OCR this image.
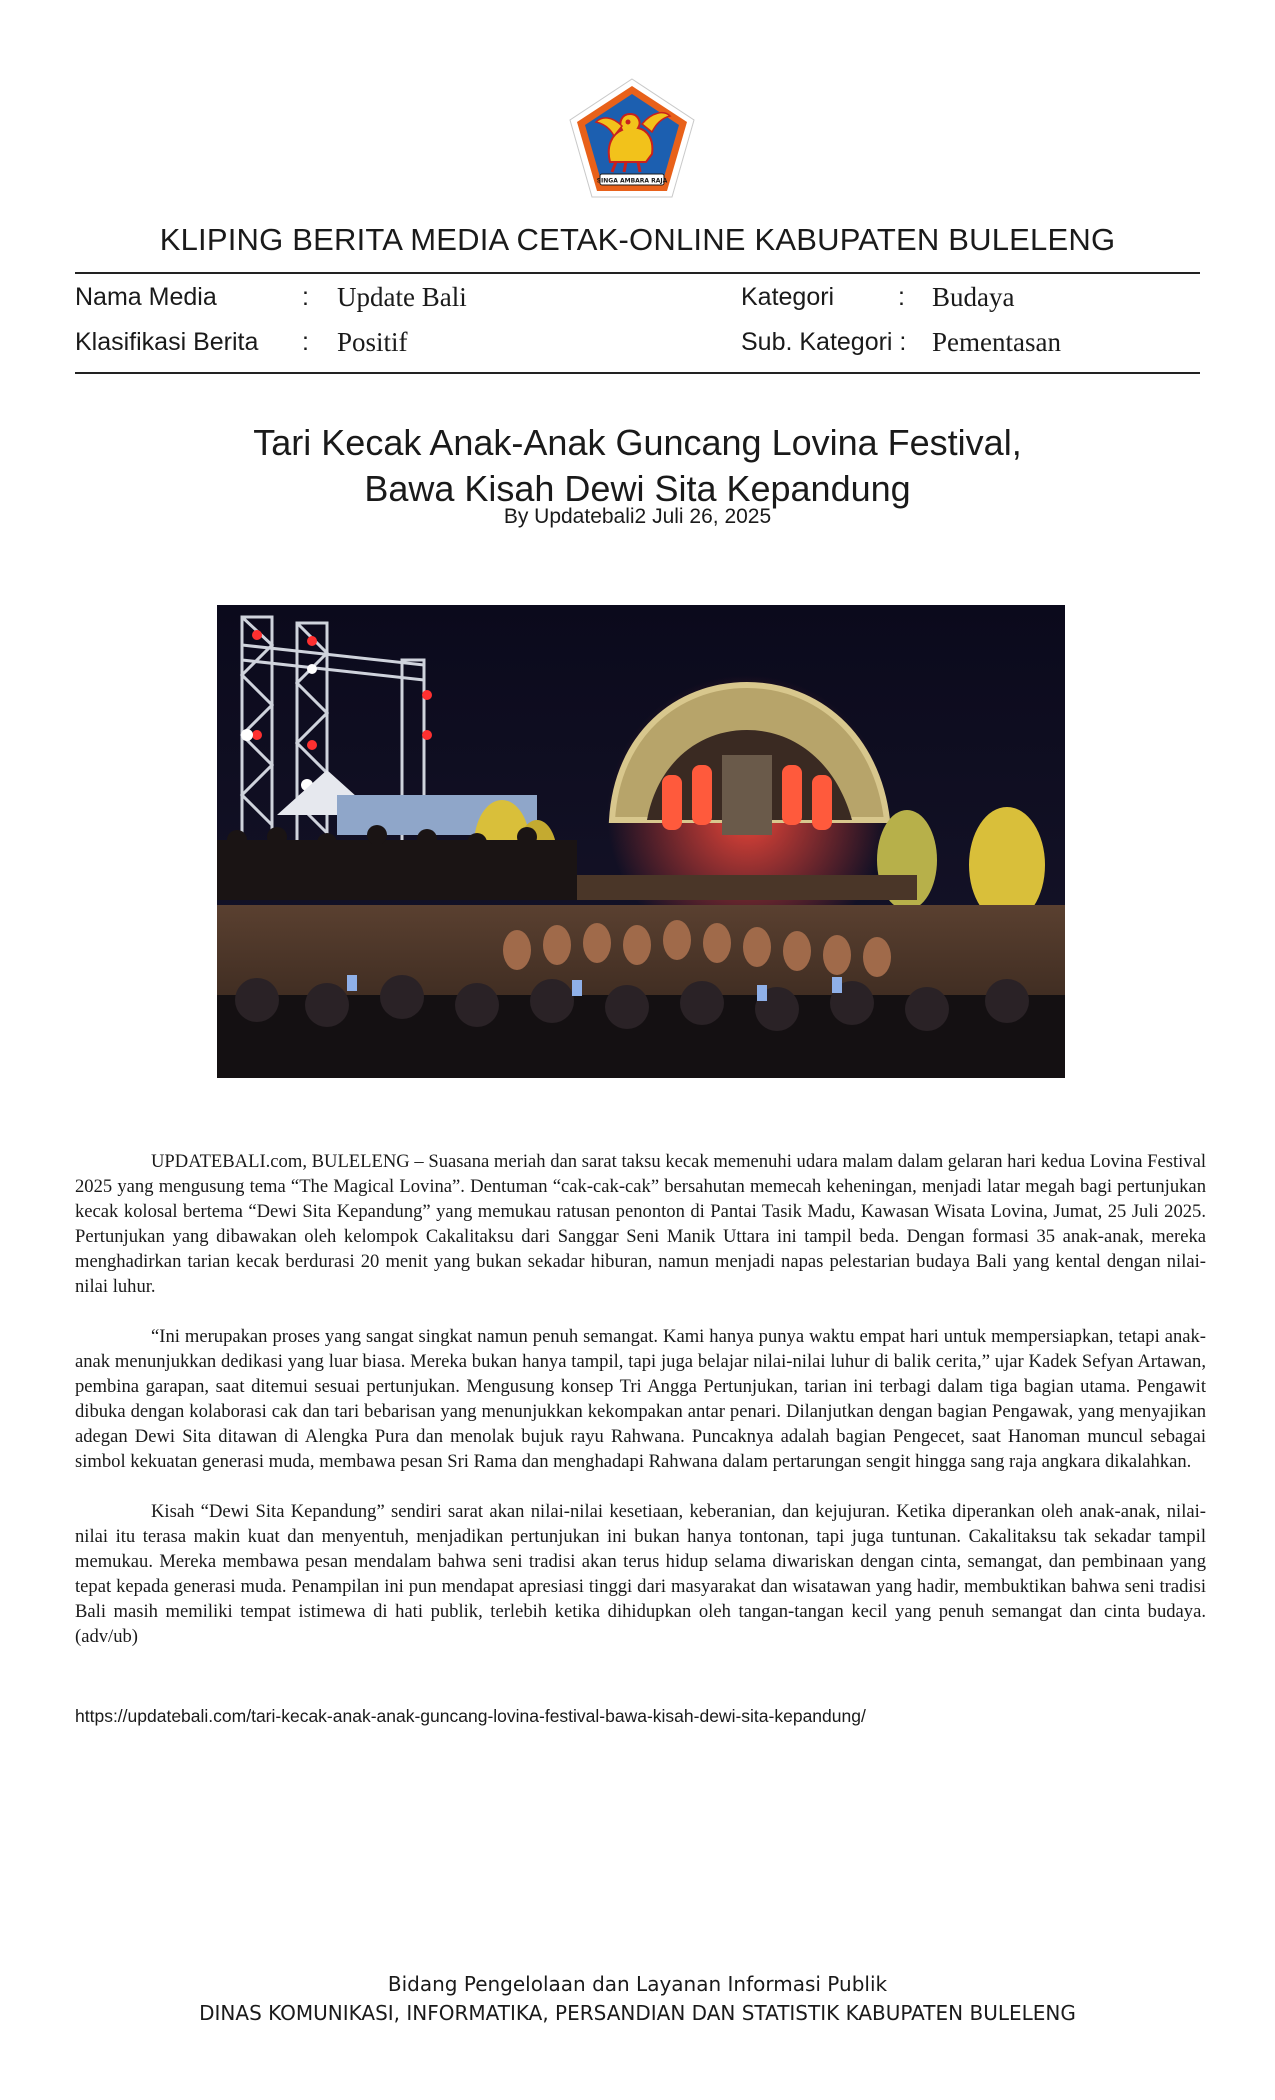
SINGA AMBARA RAJA
KLIPING BERITA MEDIA CETAK-ONLINE KABUPATEN BULELENG
Nama Media	: Update Bali	Kategori	: Budaya
Klasifikasi Berita : Positif	Sub. Kategori : Pementasan
Tari Kecak Anak-Anak Guncang Lovina Festival,
Bawa Kisah Dewi Sita Kepandung
By Updatebali2 Juli 26, 2025

UPDATEBALI.com, BULELENG – Suasana meriah dan sarat taksu kecak memenuhi udara malam dalam gelaran hari kedua Lovina Festival 2025 yang mengusung tema “The Magical Lovina”. Dentuman “cak-cak-cak” bersahutan memecah keheningan, menjadi latar megah bagi pertunjukan kecak kolosal bertema “Dewi Sita Kepandung” yang memukau ratusan penonton di Pantai Tasik Madu, Kawasan Wisata Lovina, Jumat, 25 Juli 2025. Pertunjukan yang dibawakan oleh kelompok Cakalitaksu dari Sanggar Seni Manik Uttara ini tampil beda. Dengan formasi 35 anak-anak, mereka menghadirkan tarian kecak berdurasi 20 menit yang bukan sekadar hiburan, namun menjadi napas pelestarian budaya Bali yang kental dengan nilai-nilai luhur.

“Ini merupakan proses yang sangat singkat namun penuh semangat. Kami hanya punya waktu empat hari untuk mempersiapkan, tetapi anak-anak menunjukkan dedikasi yang luar biasa. Mereka bukan hanya tampil, tapi juga belajar nilai-nilai luhur di balik cerita,” ujar Kadek Sefyan Artawan, pembina garapan, saat ditemui sesuai pertunjukan. Mengusung konsep Tri Angga Pertunjukan, tarian ini terbagi dalam tiga bagian utama. Pengawit dibuka dengan kolaborasi cak dan tari bebarisan yang menunjukkan kekompakan antar penari. Dilanjutkan dengan bagian Pengawak, yang menyajikan adegan Dewi Sita ditawan di Alengka Pura dan menolak bujuk rayu Rahwana. Puncaknya adalah bagian Pengecet, saat Hanoman muncul sebagai simbol kekuatan generasi muda, membawa pesan Sri Rama dan menghadapi Rahwana dalam pertarungan sengit hingga sang raja angkara dikalahkan.

Kisah “Dewi Sita Kepandung” sendiri sarat akan nilai-nilai kesetiaan, keberanian, dan kejujuran. Ketika diperankan oleh anak-anak, nilai-nilai itu terasa makin kuat dan menyentuh, menjadikan pertunjukan ini bukan hanya tontonan, tapi juga tuntunan. Cakalitaksu tak sekadar tampil memukau. Mereka membawa pesan mendalam bahwa seni tradisi akan terus hidup selama diwariskan dengan cinta, semangat, dan pembinaan yang tepat kepada generasi muda. Penampilan ini pun mendapat apresiasi tinggi dari masyarakat dan wisatawan yang hadir, membuktikan bahwa seni tradisi Bali masih memiliki tempat istimewa di hati publik, terlebih ketika dihidupkan oleh tangan-tangan kecil yang penuh semangat dan cinta budaya.(adv/ub)

https://updatebali.com/tari-kecak-anak-anak-guncang-lovina-festival-bawa-kisah-dewi-sita-kepandung/
Bidang Pengelolaan dan Layanan Informasi Publik
DINAS KOMUNIKASI, INFORMATIKA, PERSANDIAN DAN STATISTIK KABUPATEN BULELENG
